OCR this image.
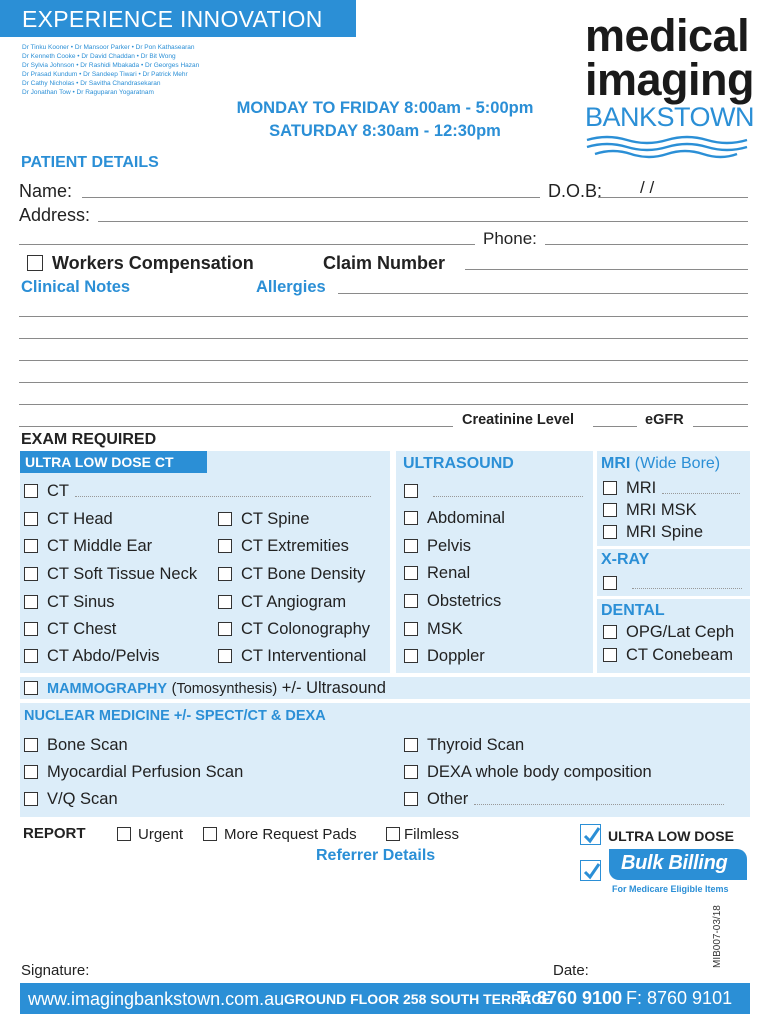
EXPERIENCE INNOVATION
Dr Tinku Kooner • Dr Mansoor Parker • Dr Pon Kathasearan
Dr Kenneth Cooke • Dr David Chaddan • Dr Bit Wong
Dr Sylvia Johnson • Dr Rashidi Mbakada • Dr Georges Hazan
Dr Prasad Kundum • Dr Sandeep Tiwari • Dr Patrick Mehr
Dr Cathy Nicholas • Dr Savitha Chandrasekaran
Dr Jonathan Tow • Dr Raguparan Yogaratnam
MONDAY TO FRIDAY 8:00am - 5:00pm
SATURDAY 8:30am - 12:30pm
medical
imaging
BANKSTOWN
PATIENT DETAILS
Name:	D.O.B: / /
Address:
Phone:
Workers Compensation	Claim Number
Clinical Notes	Allergies
Creatinine Level	eGFR
EXAM REQUIRED
ULTRA LOW DOSE CT
CT
CT Head
CT Middle Ear
CT Soft Tissue Neck
CT Sinus
CT Chest
CT Abdo/Pelvis
CT Spine
CT Extremities
CT Bone Density
CT Angiogram
CT Colonography
CT Interventional
ULTRASOUND
Abdominal
Pelvis
Renal
Obstetrics
MSK
Doppler
MRI (Wide Bore)
MRI
MRI MSK
MRI Spine
X-RAY
DENTAL
OPG/Lat Ceph
CT Conebeam
MAMMOGRAPHY (Tomosynthesis) +/- Ultrasound
NUCLEAR MEDICINE +/- SPECT/CT & DEXA
Bone Scan
Myocardial Perfusion Scan
V/Q Scan
Thyroid Scan
DEXA whole body composition
Other
REPORT	Urgent	More Request Pads	Filmless
Referrer Details
ULTRA LOW DOSE
Bulk Billing
For Medicare Eligible Items
MIB007-03/18
Signature:	Date:
www.imagingbankstown.com.au GROUND FLOOR 258 SOUTH TERRACE
T: 8760 9100 F: 8760 9101
